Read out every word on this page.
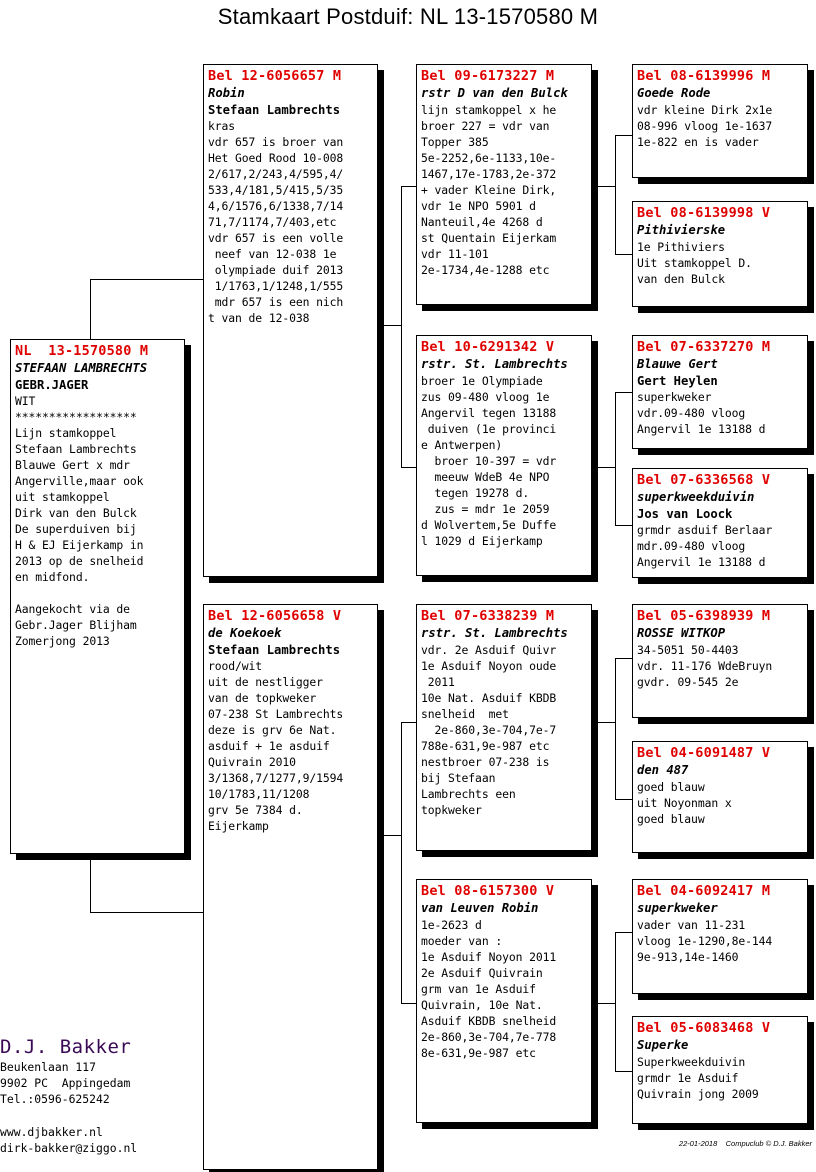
Stamkaart Postduif: NL 13-1570580 M
NL  13-1570580 M
STEFAAN LAMBRECHTS
GEBR.JAGER
WIT
******************
Lijn stamkoppel
Stefaan Lambrechts
Blauwe Gert x mdr
Angerville,maar ook
uit stamkoppel
Dirk van den Bulck
De superduiven bij
H & EJ Eijerkamp in
2013 op de snelheid
en midfond.

Aangekocht via de
Gebr.Jager Blijham
Zomerjong 2013
Bel 12-6056657 M
Robin
Stefaan Lambrechts
kras
vdr 657 is broer van
Het Goed Rood 10-008
2/617,2/243,4/595,4/
533,4/181,5/415,5/35
4,6/1576,6/1338,7/14
71,7/1174,7/403,etc
vdr 657 is een volle
neef van 12-038 1e
olympiade duif 2013
1/1763,1/1248,1/555
mdr 657 is een nich
t van de 12-038
Bel 12-6056658 V
de Koekoek
Stefaan Lambrechts
rood/wit
uit de nestligger
van de topkweker
07-238 St Lambrechts
deze is grv 6e Nat.
asduif + 1e asduif
Quivrain 2010
3/1368,7/1277,9/1594
10/1783,11/1208
grv 5e 7384 d.
Eijerkamp
Bel 09-6173227 M
rstr D van den Bulck
lijn stamkoppel x he
broer 227 = vdr van
Topper 385
5e-2252,6e-1133,10e-
1467,17e-1783,2e-372
+ vader Kleine Dirk,
vdr 1e NPO 5901 d
Nanteuil,4e 4268 d
st Quentain Eijerkam
vdr 11-101
2e-1734,4e-1288 etc
Bel 10-6291342 V
rstr. St. Lambrechts
broer 1e Olympiade
zus 09-480 vloog 1e
Angervil tegen 13188
duiven (1e provinci
e Antwerpen)
broer 10-397 = vdr
meeuw WdeB 4e NPO
tegen 19278 d.
zus = mdr 1e 2059
d Wolvertem,5e Duffe
l 1029 d Eijerkamp
Bel 07-6338239 M
rstr. St. Lambrechts
vdr. 2e Asduif Quivr
1e Asduif Noyon oude
2011
10e Nat. Asduif KBDB
snelheid  met
2e-860,3e-704,7e-7
788e-631,9e-987 etc
nestbroer 07-238 is
bij Stefaan
Lambrechts een
topkweker
Bel 08-6157300 V
van Leuven Robin
1e-2623 d
moeder van :
1e Asduif Noyon 2011
2e Asduif Quivrain
grm van 1e Asduif
Quivrain, 10e Nat.
Asduif KBDB snelheid
2e-860,3e-704,7e-778
8e-631,9e-987 etc
Bel 08-6139996 M
Goede Rode
vdr kleine Dirk 2x1e
08-996 vloog 1e-1637
1e-822 en is vader
Bel 08-6139998 V
Pithivierske
1e Pithiviers
Uit stamkoppel D.
van den Bulck
Bel 07-6337270 M
Blauwe Gert
Gert Heylen
superkweker
vdr.09-480 vloog
Angervil 1e 13188 d
Bel 07-6336568 V
superkweekduivin
Jos van Loock
grmdr asduif Berlaar
mdr.09-480 vloog
Angervil 1e 13188 d
Bel 05-6398939 M
ROSSE WITKOP
34-5051 50-4403
vdr. 11-176 WdeBruyn
gvdr. 09-545 2e
Bel 04-6091487 V
den 487
goed blauw
uit Noyonman x
goed blauw
Bel 04-6092417 M
superkweker
vader van 11-231
vloog 1e-1290,8e-144
9e-913,14e-1460
Bel 05-6083468 V
Superke
Superkweekduivin
grmdr 1e Asduif
Quivrain jong 2009
D.J. Bakker
Beukenlaan 117
9902 PC  Appingedam
Tel.:0596-625242
www.djbakker.nl
dirk-bakker@ziggo.nl	22-01-2018    Compuclub © D.J. Bakker
